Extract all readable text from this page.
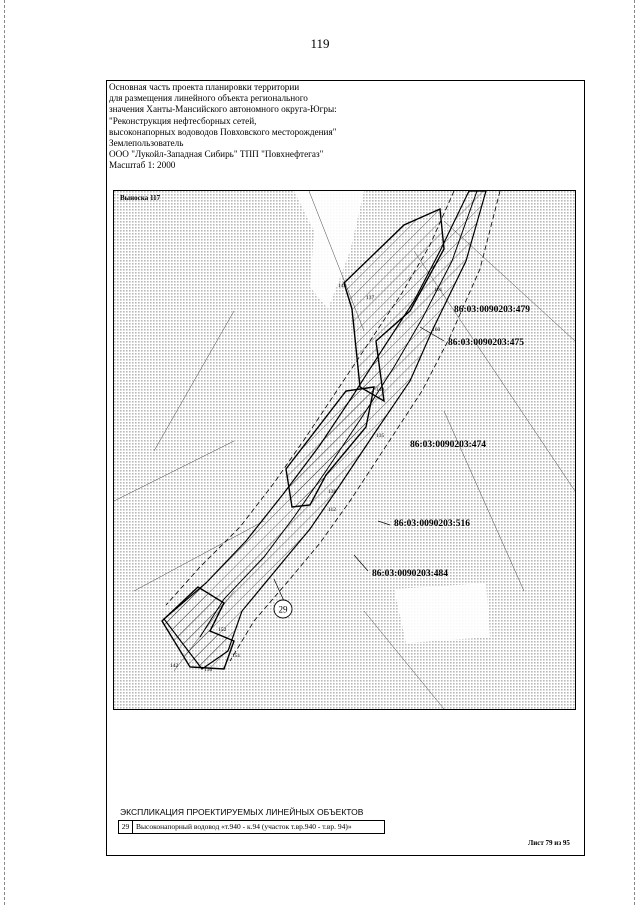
119
Основная часть проекта планировки территории
для размещения линейного объекта регионального
значения Ханты-Мансийского автономного округа-Югры:
"Реконструкция нефтесборных сетей,
высоконапорных водоводов Повховского месторождения"
Землепользователь
ООО "Лукойл-Западная Сибирь" ТПП "Повхнефтегаз"
Масштаб 1: 2000
Выноска 117
86:03:0090203:479
86:03:0090203:475
86:03:0090203:474
86:03:0090203:516
86:03:0090203:484
29
143
137
161
160
140
135
138
112
152
151
142
136
ЭКСПЛИКАЦИЯ ПРОЕКТИРУЕМЫХ ЛИНЕЙНЫХ ОБЪЕКТОВ
29 Высоконапорный водовод «т.940 - к.94 (участок т.вр.940 - т.вр. 94)»
Лист 79 из 95
